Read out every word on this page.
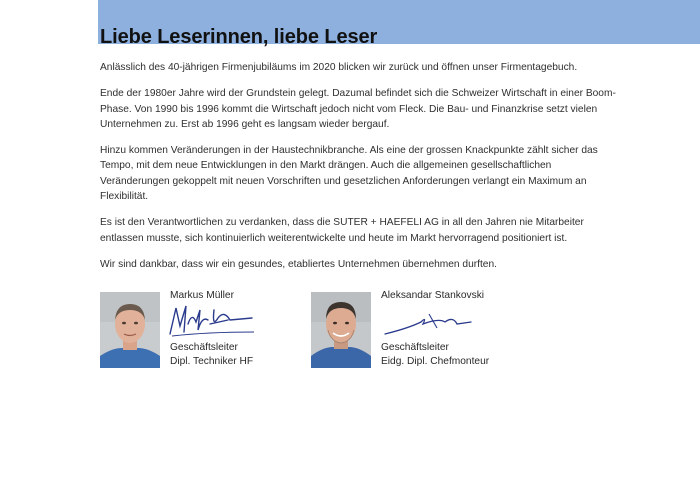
Liebe Leserinnen, liebe Leser

Anlässlich des 40-jährigen Firmenjubiläums im 2020 blicken wir zurück und öffnen unser Firmentagebuch.

Ende der 1980er Jahre wird der Grundstein gelegt. Dazumal befindet sich die Schweizer Wirtschaft in einer Boom-Phase. Von 1990 bis 1996 kommt die Wirtschaft jedoch nicht vom Fleck. Die Bau- und Finanzkrise setzt vielen Unternehmen zu. Erst ab 1996 geht es langsam wieder bergauf.

Hinzu kommen Veränderungen in der Haustechnikbranche. Als eine der grossen Knackpunkte zählt sicher das Tempo, mit dem neue Entwicklungen in den Markt drängen. Auch die allgemeinen gesellschaftlichen Veränderungen gekoppelt mit neuen Vorschriften und gesetzlichen Anforderungen verlangt ein Maximum an Flexibilität.

Es ist den Verantwortlichen zu verdanken, dass die SUTER + HAEFELI AG in all den Jahren nie Mitarbeiter entlassen musste, sich kontinuierlich weiterentwickelte und heute im Markt hervorragend positioniert ist.

Wir sind dankbar, dass wir ein gesundes, etabliertes Unternehmen übernehmen durften.

Markus Müller
Geschäftsleiter
Dipl. Techniker HF
Aleksandar Stankovski
Geschäftsleiter
Eidg. Dipl. Chefmonteur
